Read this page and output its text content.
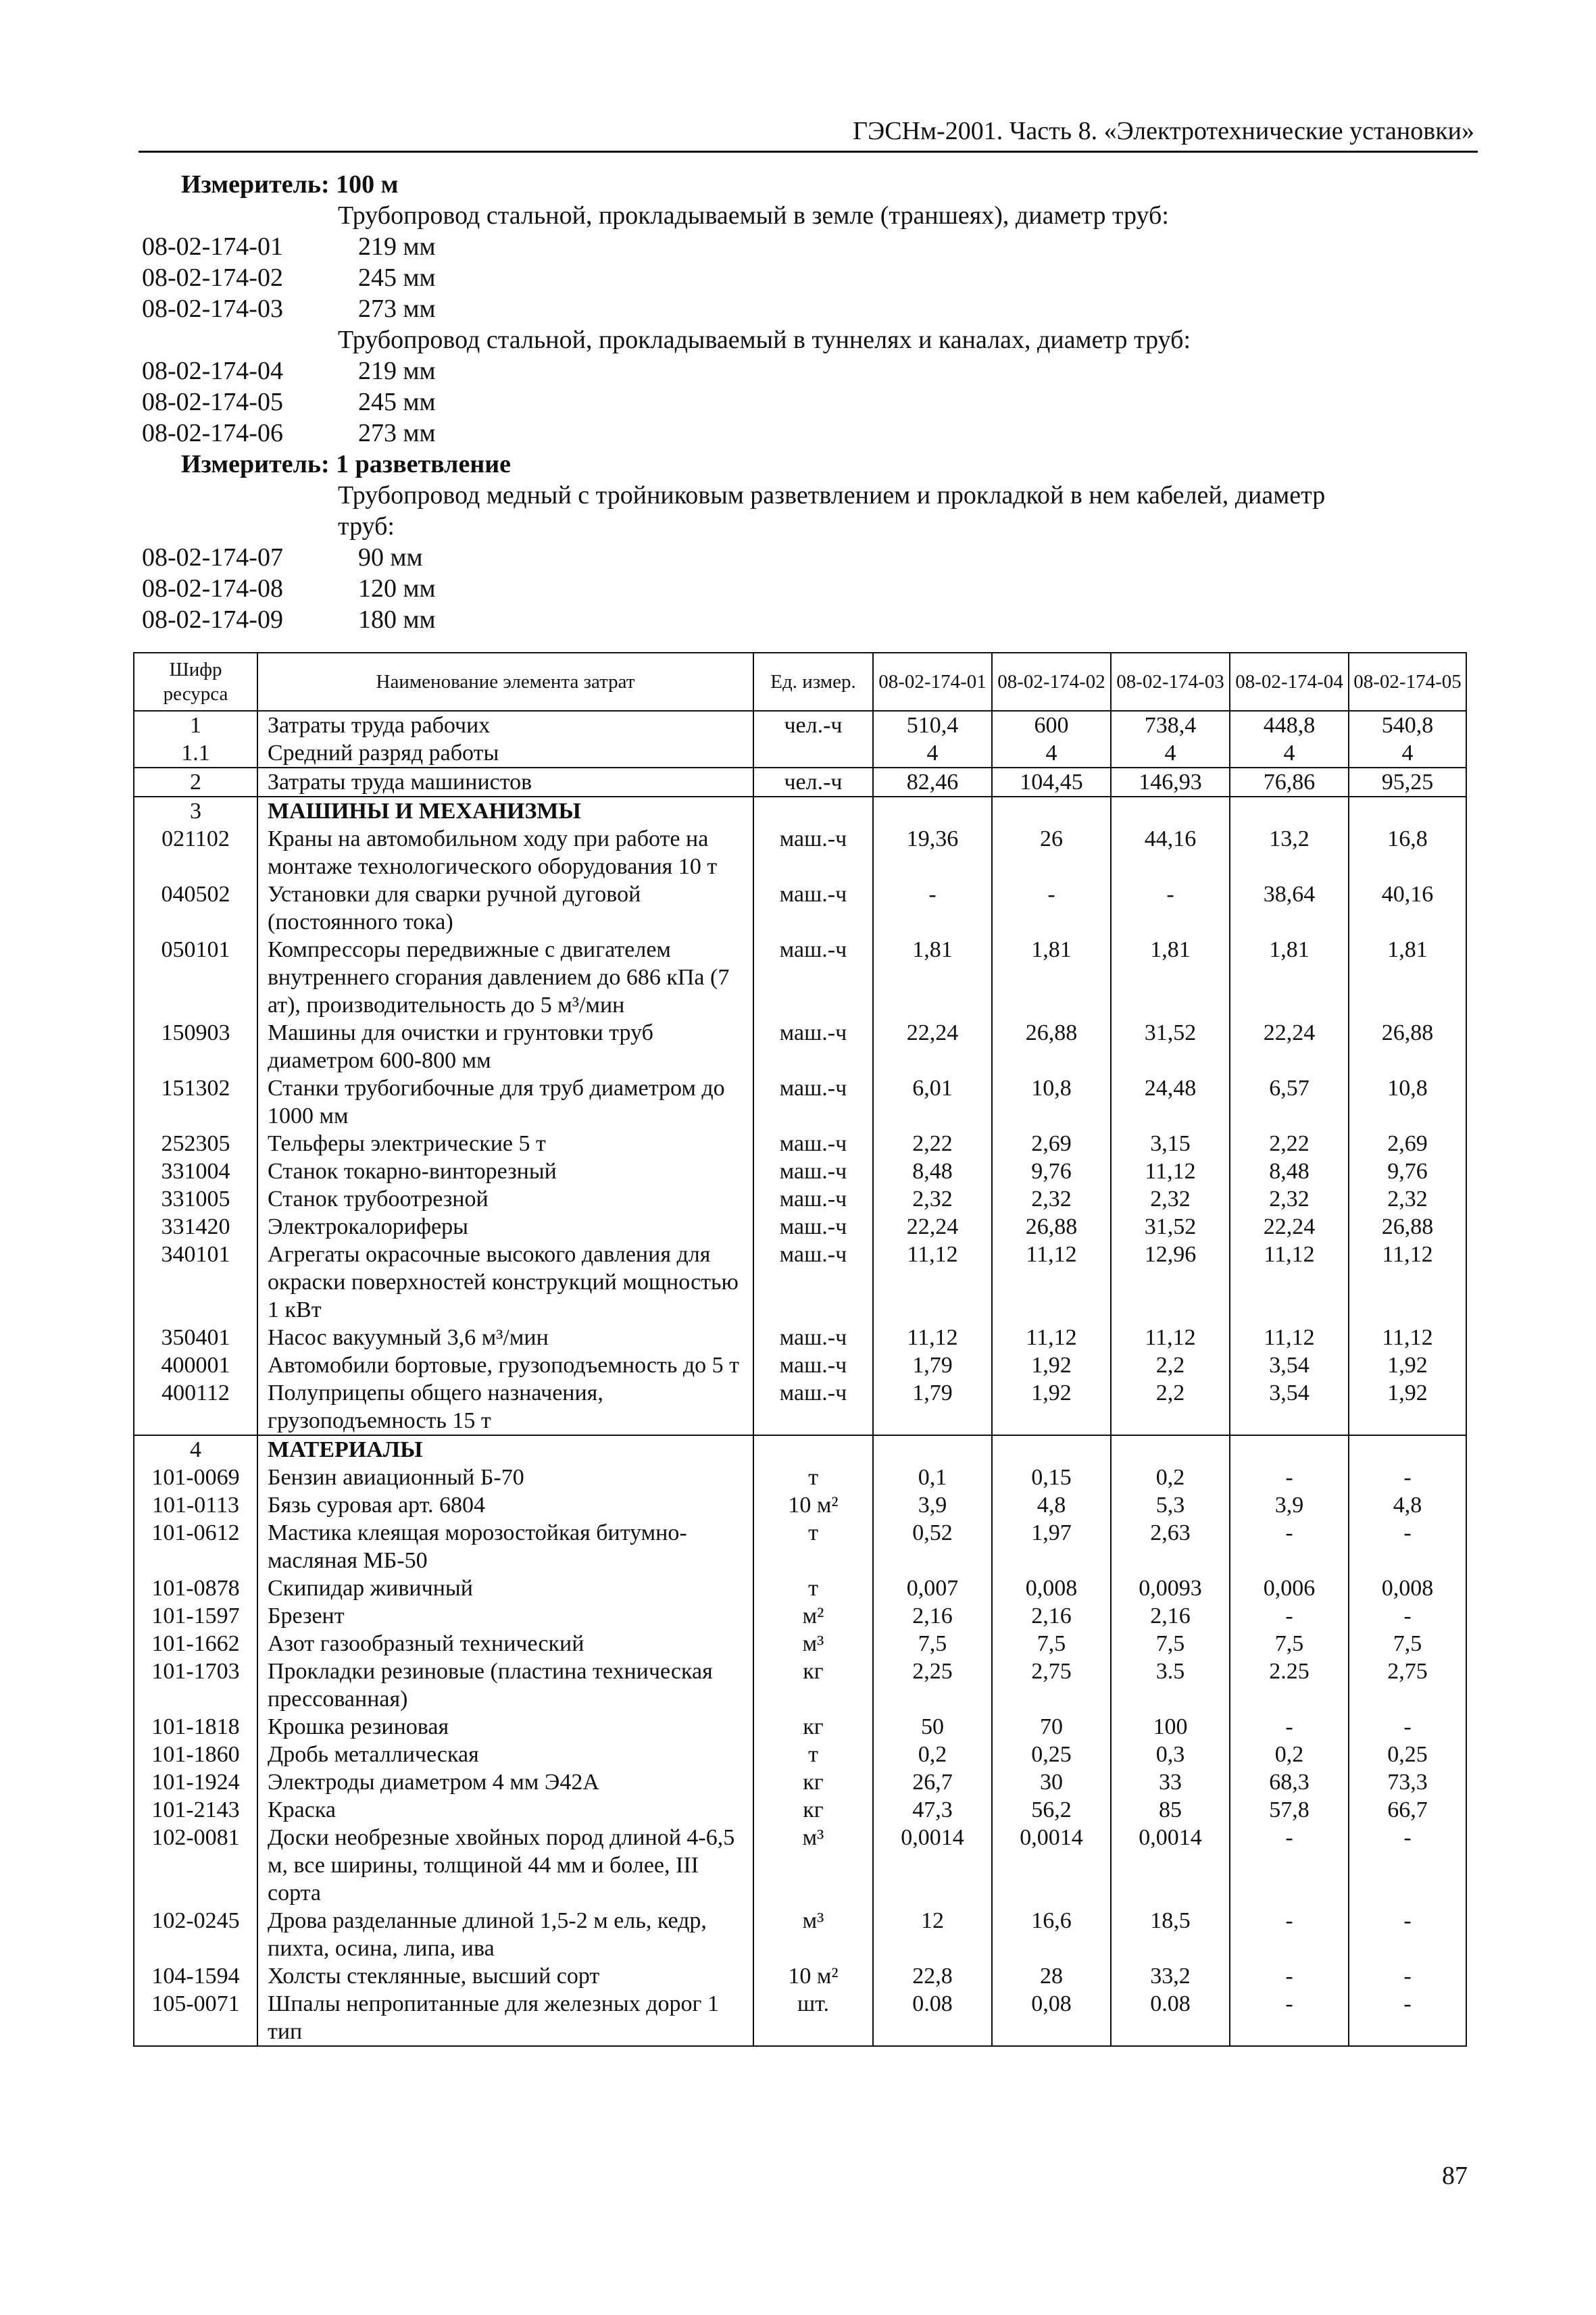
ГЭСНм-2001. Часть 8. «Электротехнические установки»
Измеритель: 100 м
Трубопровод стальной, прокладываемый в земле (траншеях), диаметр труб:
08-02-174-01	219 мм
08-02-174-02	245 мм
08-02-174-03	273 мм
Трубопровод стальной, прокладываемый в туннелях и каналах, диаметр труб:
08-02-174-04	219 мм
08-02-174-05	245 мм
08-02-174-06	273 мм
Измеритель: 1 разветвление
Трубопровод медный с тройниковым разветвлением и прокладкой в нем кабелей, диаметр
труб:
08-02-174-07	90 мм
08-02-174-08	120 мм
08-02-174-09	180 мм
Шифр ресурса	Наименование элемента затрат	Ед. измер.	08-02-174-01	08-02-174-02	08-02-174-03	08-02-174-04	08-02-174-05
1	Затраты труда рабочих	чел.-ч	510,4	600	738,4	448,8	540,8
1.1	Средний разряд работы		4	4	4	4	4
2	Затраты труда машинистов	чел.-ч	82,46	104,45	146,93	76,86	95,25
3	МАШИНЫ И МЕХАНИЗМЫ						
021102	Краны на автомобильном ходу при работе на монтаже технологического оборудования 10 т	маш.-ч	19,36	26	44,16	13,2	16,8
040502	Установки для сварки ручной дуговой (постоянного тока)	маш.-ч	-	-	-	38,64	40,16
050101	Компрессоры передвижные с двигателем внутреннего сгорания давлением до 686 кПа (7 ат), производительность до 5 м³/мин	маш.-ч	1,81	1,81	1,81	1,81	1,81
150903	Машины для очистки и грунтовки труб диаметром 600-800 мм	маш.-ч	22,24	26,88	31,52	22,24	26,88
151302	Станки трубогибочные для труб диаметром до 1000 мм	маш.-ч	6,01	10,8	24,48	6,57	10,8
252305	Тельферы электрические 5 т	маш.-ч	2,22	2,69	3,15	2,22	2,69
331004	Станок токарно-винторезный	маш.-ч	8,48	9,76	11,12	8,48	9,76
331005	Станок трубоотрезной	маш.-ч	2,32	2,32	2,32	2,32	2,32
331420	Электрокалориферы	маш.-ч	22,24	26,88	31,52	22,24	26,88
340101	Агрегаты окрасочные высокого давления для окраски поверхностей конструкций мощностью 1 кВт	маш.-ч	11,12	11,12	12,96	11,12	11,12
350401	Насос вакуумный 3,6 м³/мин	маш.-ч	11,12	11,12	11,12	11,12	11,12
400001	Автомобили бортовые, грузоподъемность до 5 т	маш.-ч	1,79	1,92	2,2	3,54	1,92
400112	Полуприцепы общего назначения, грузоподъемность 15 т	маш.-ч	1,79	1,92	2,2	3,54	1,92
4	МАТЕРИАЛЫ						
101-0069	Бензин авиационный Б-70	т	0,1	0,15	0,2	-	-
101-0113	Бязь суровая арт. 6804	10 м²	3,9	4,8	5,3	3,9	4,8
101-0612	Мастика клеящая морозостойкая битумно-масляная МБ-50	т	0,52	1,97	2,63	-	-
101-0878	Скипидар живичный	т	0,007	0,008	0,0093	0,006	0,008
101-1597	Брезент	м²	2,16	2,16	2,16	-	-
101-1662	Азот газообразный технический	м³	7,5	7,5	7,5	7,5	7,5
101-1703	Прокладки резиновые (пластина техническая прессованная)	кг	2,25	2,75	3.5	2.25	2,75
101-1818	Крошка резиновая	кг	50	70	100	-	-
101-1860	Дробь металлическая	т	0,2	0,25	0,3	0,2	0,25
101-1924	Электроды диаметром 4 мм Э42А	кг	26,7	30	33	68,3	73,3
101-2143	Краска	кг	47,3	56,2	85	57,8	66,7
102-0081	Доски необрезные хвойных пород длиной 4-6,5 м, все ширины, толщиной 44 мм и более, III сорта	м³	0,0014	0,0014	0,0014	-	-
102-0245	Дрова разделанные длиной 1,5-2 м ель, кедр, пихта, осина, липа, ива	м³	12	16,6	18,5	-	-
104-1594	Холсты стеклянные, высший сорт	10 м²	22,8	28	33,2	-	-
105-0071	Шпалы непропитанные для железных дорог 1 тип	шт.	0.08	0,08	0.08	-	-
87
